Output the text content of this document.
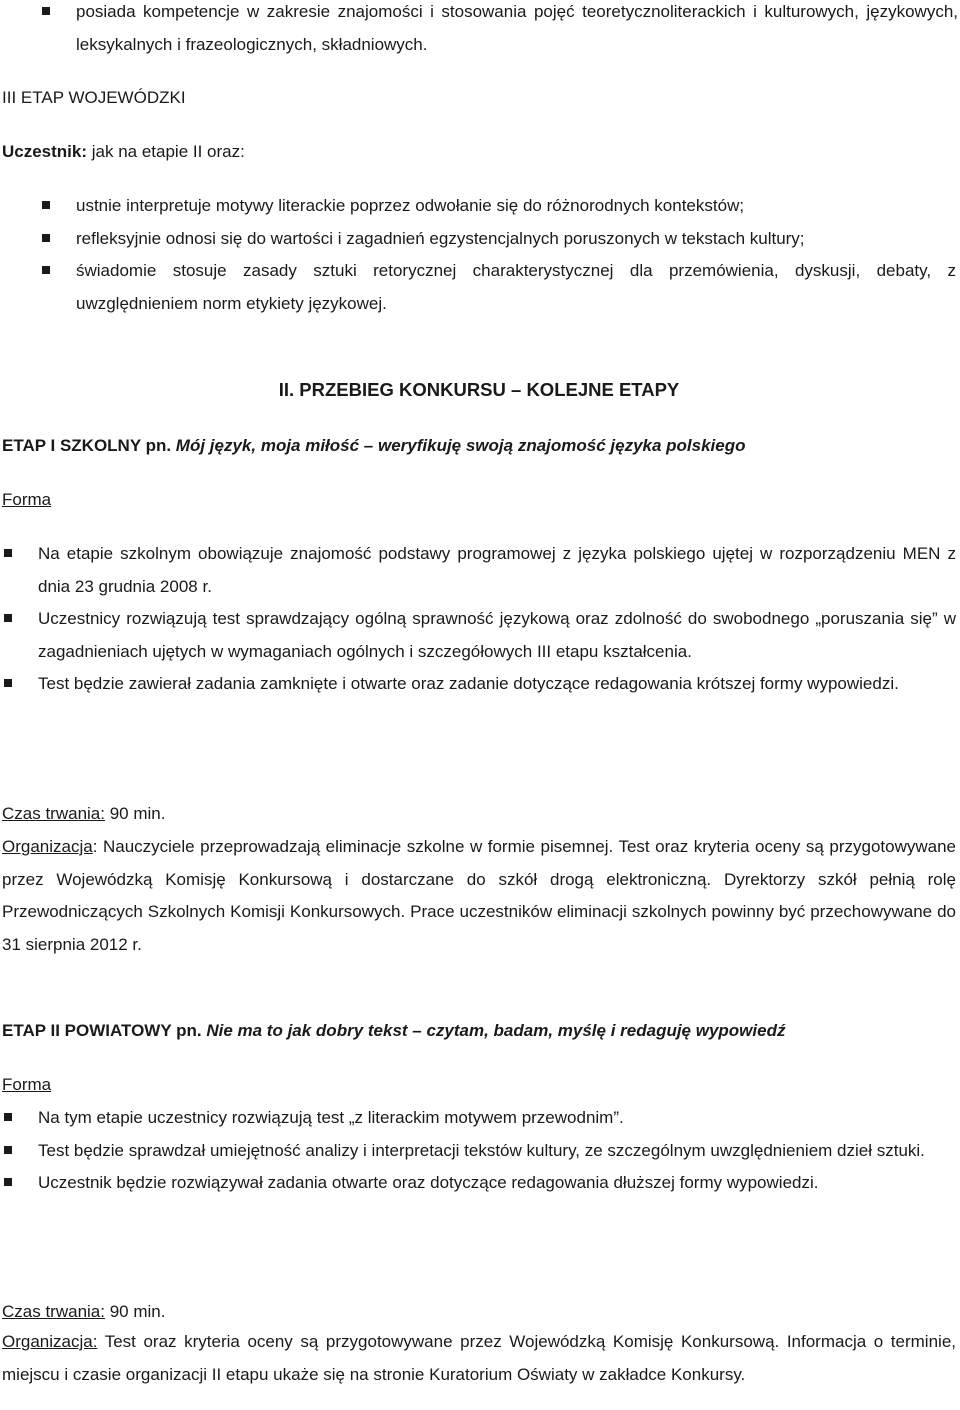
posiada kompetencje w zakresie znajomości i stosowania pojęć teoretycznoliterackich i kulturowych, językowych, leksykalnych i frazeologicznych, składniowych.
III ETAP WOJEWÓDZKI
Uczestnik: jak na etapie II oraz:
ustnie interpretuje motywy literackie poprzez odwołanie się do różnorodnych kontekstów;
refleksyjnie odnosi się do wartości i zagadnień egzystencjalnych poruszonych w tekstach kultury;
świadomie stosuje zasady sztuki retorycznej charakterystycznej dla przemówienia, dyskusji, debaty, z uwzględnieniem norm etykiety językowej.
II. PRZEBIEG KONKURSU – KOLEJNE ETAPY
ETAP I SZKOLNY pn. Mój język, moja miłość – weryfikuję swoją znajomość języka polskiego
Forma
Na etapie szkolnym obowiązuje znajomość podstawy programowej z języka polskiego ujętej w rozporządzeniu MEN z dnia 23 grudnia 2008 r.
Uczestnicy rozwiązują test sprawdzający ogólną sprawność językową oraz zdolność do swobodnego „poruszania się” w zagadnieniach ujętych w wymaganiach ogólnych i szczegółowych III etapu kształcenia.
Test będzie zawierał zadania zamknięte i otwarte oraz zadanie dotyczące redagowania krótszej formy wypowiedzi.
Czas trwania: 90 min.
Organizacja: Nauczyciele przeprowadzają eliminacje szkolne w formie pisemnej. Test oraz kryteria oceny są przygotowywane przez Wojewódzką Komisję Konkursową i dostarczane do szkół drogą elektroniczną. Dyrektorzy szkół pełnią rolę Przewodniczących Szkolnych Komisji Konkursowych. Prace uczestników eliminacji szkolnych powinny być przechowywane do 31 sierpnia 2012 r.
ETAP II POWIATOWY pn. Nie ma to jak dobry tekst – czytam, badam, myślę i redaguję wypowiedź
Forma
Na tym etapie uczestnicy rozwiązują test „z literackim motywem przewodnim”.
Test będzie sprawdzał umiejętność analizy i interpretacji tekstów kultury, ze szczególnym uwzględnieniem dzieł sztuki.
Uczestnik będzie rozwiązywał zadania otwarte oraz dotyczące redagowania dłuższej formy wypowiedzi.
Czas trwania: 90 min.
Organizacja: Test oraz kryteria oceny są przygotowywane przez Wojewódzką Komisję Konkursową. Informacja o terminie, miejscu i czasie organizacji II etapu ukaże się na stronie Kuratorium Oświaty w zakładce Konkursy.
